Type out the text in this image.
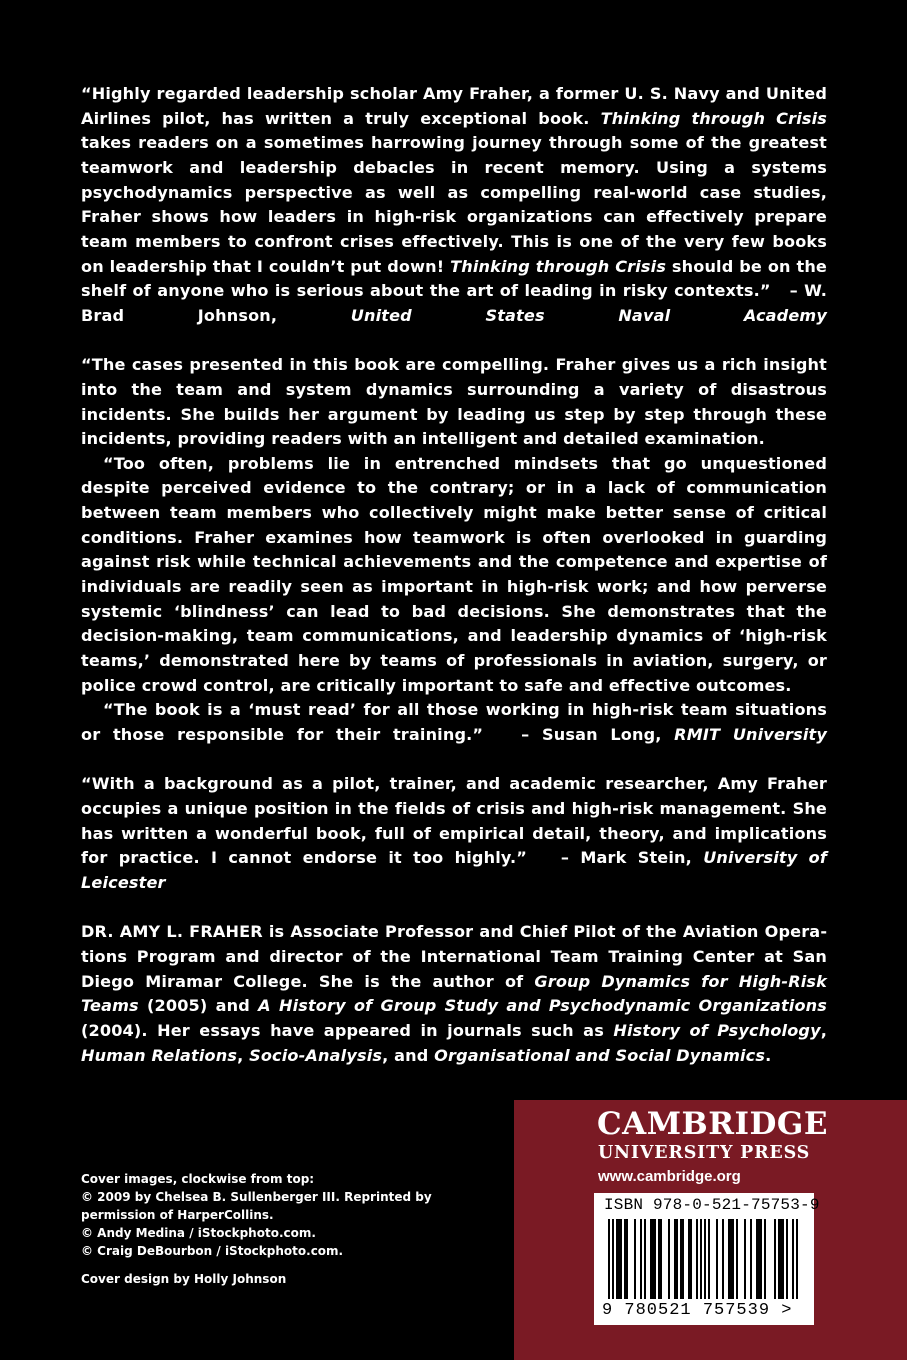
“Highly regarded leadership scholar Amy Fraher, a former U. S. Navy and United Airlines pilot, has written a truly exceptional book. Thinking through Crisis takes readers on a sometimes harrowing journey through some of the greatest teamwork and leadership debacles in recent memory. Using a systems psychodynamics perspective as well as compelling real-world case studies, Fraher shows how leaders in high-risk organizations can effectively prepare team members to confront crises effectively. This is one of the very few books on leadership that I couldn’t put down! Thinking through Crisis should be on the shelf of anyone who is serious about the art of leading in risky contexts.” – W. Brad Johnson, United States Naval Academy

“The cases presented in this book are compelling. Fraher gives us a rich insight into the team and system dynamics surrounding a variety of disastrous incidents. She builds her argument by leading us step by step through these incidents, providing readers with an intelligent and detailed examination.

“Too often, problems lie in entrenched mindsets that go unquestioned despite perceived evidence to the contrary; or in a lack of communication between team members who collectively might make better sense of critical conditions. Fraher examines how teamwork is often overlooked in guarding against risk while technical achievements and the competence and expertise of individuals are readily seen as important in high-risk work; and how perverse systemic ‘blindness’ can lead to bad decisions. She demonstrates that the decision-making, team communications, and leadership dynamics of ‘high-risk teams,’ demonstrated here by teams of professionals in aviation, surgery, or police crowd control, are critically important to safe and effective outcomes.

“The book is a ‘must read’ for all those working in high-risk team situations or those responsible for their training.” – Susan Long, RMIT University

“With a background as a pilot, trainer, and academic researcher, Amy Fraher occupies a unique position in the fields of crisis and high-risk management. She has written a wonderful book, full of empirical detail, theory, and implications for practice. I cannot endorse it too highly.” – Mark Stein, University of Leicester

DR. AMY L. FRAHER is Associate Professor and Chief Pilot of the Aviation Operations Program and director of the International Team Training Center at San Diego Miramar College. She is the author of Group Dynamics for High-Risk Teams (2005) and A History of Group Study and Psychodynamic Organizations (2004). Her essays have appeared in journals such as History of Psychology, Human Relations, Socio-Analysis, and Organisational and Social Dynamics.

Cover images, clockwise from top:

© 2009 by Chelsea B. Sullenberger III. Reprinted by

permission of HarperCollins.

© Andy Medina / iStockphoto.com.

© Craig DeBourbon / iStockphoto.com.

Cover design by Holly Johnson

CAMBRIDGE
UNIVERSITY PRESS
www.cambridge.org
ISBN 978-0-521-75753-9
9 780521 757539 >
